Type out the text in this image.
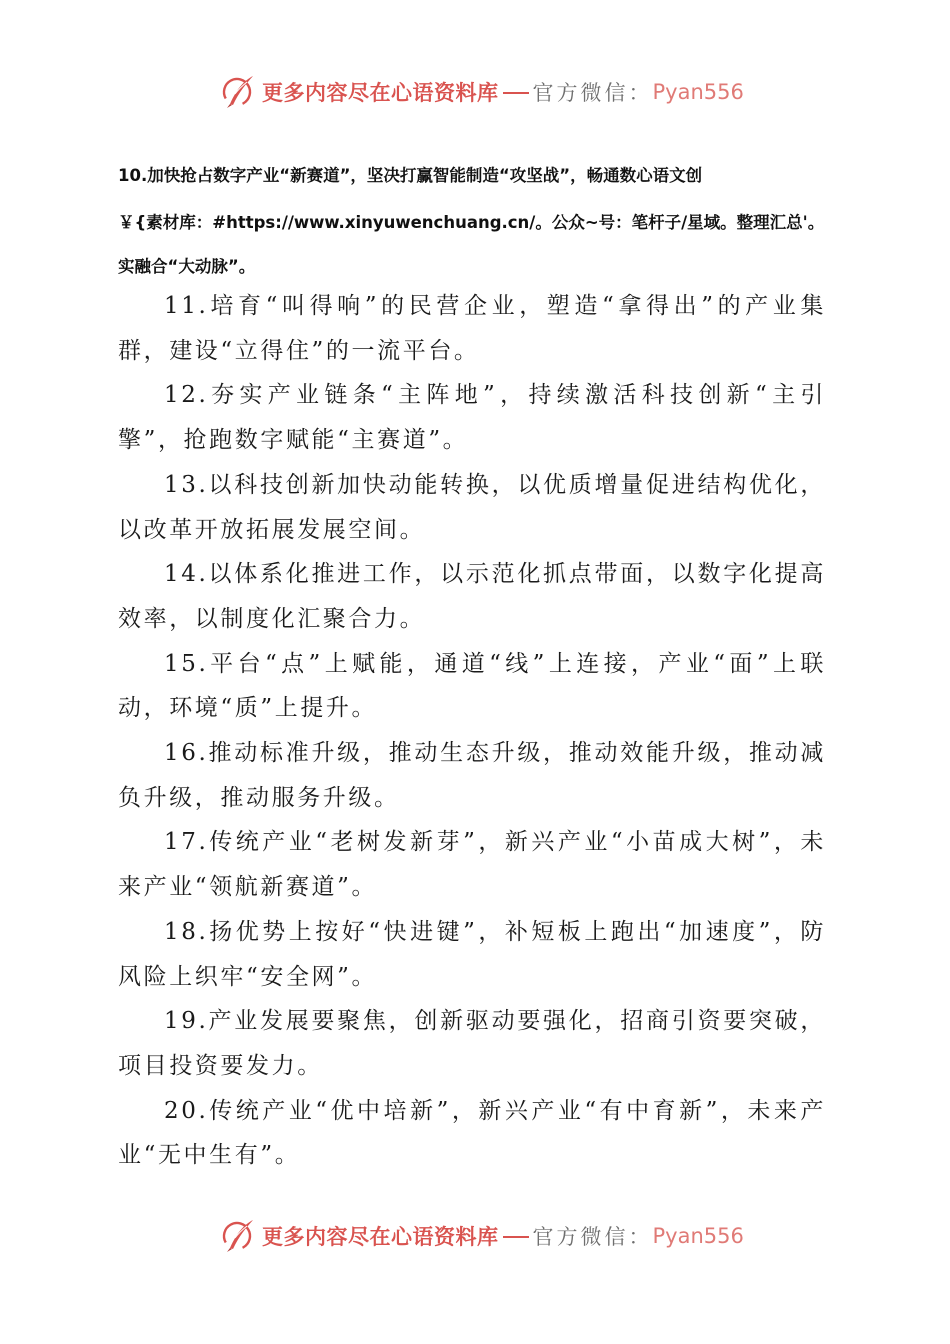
更多内容尽在心语资料库 官方微信： Pyan556
10.加快抢占数字产业“新赛道”，坚决打赢智能制造“攻坚战”，畅通数心语文创
￥{素材库：#https://www.xinyuwenchuang.cn/。公众~号：笔杆子/星域。整理汇总'。
实融合“大动脉”。

11.培育“叫得响”的民营企业，塑造“拿得出”的产业集群，建设“立得住”的一流平台。

12.夯实产业链条“主阵地”，持续激活科技创新“主引擎”，抢跑数字赋能“主赛道”。

13.以科技创新加快动能转换，以优质增量促进结构优化，以改革开放拓展发展空间。

14.以体系化推进工作，以示范化抓点带面，以数字化提高效率，以制度化汇聚合力。

15.平台“点”上赋能，通道“线”上连接，产业“面”上联动，环境“质”上提升。

16.推动标准升级，推动生态升级，推动效能升级，推动减负升级，推动服务升级。

17.传统产业“老树发新芽”，新兴产业“小苗成大树”，未来产业“领航新赛道”。

18.扬优势上按好“快进键”，补短板上跑出“加速度”，防风险上织牢“安全网”。

19.产业发展要聚焦，创新驱动要强化，招商引资要突破，项目投资要发力。

20.传统产业“优中培新”，新兴产业“有中育新”，未来产业“无中生有”。

更多内容尽在心语资料库 官方微信： Pyan556
